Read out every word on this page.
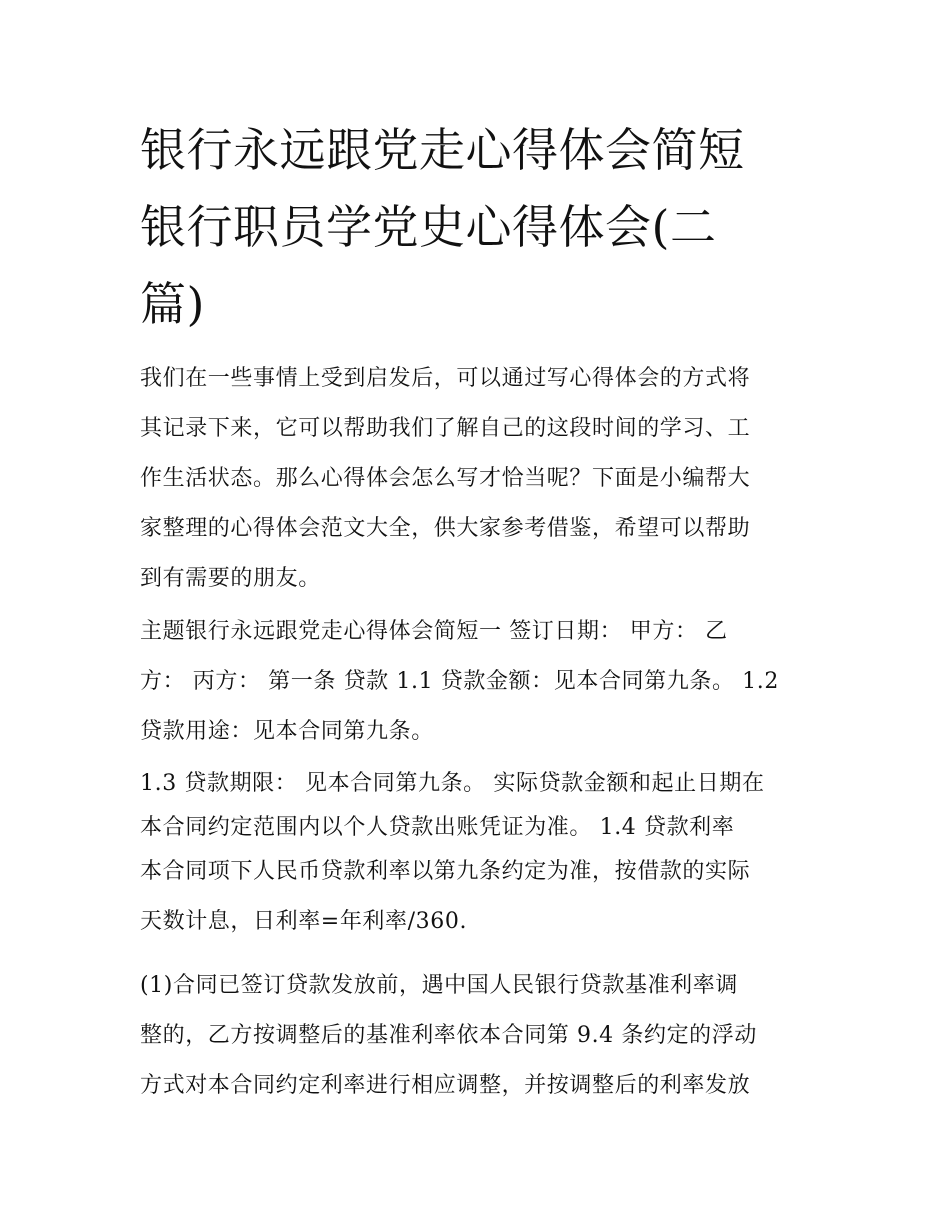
银行永远跟党走心得体会简短
银行职员学党史心得体会(二
篇)
我们在一些事情上受到启发后，可以通过写心得体会的方式将
其记录下来，它可以帮助我们了解自己的这段时间的学习、工
作生活状态。那么心得体会怎么写才恰当呢？下面是小编帮大
家整理的心得体会范文大全，供大家参考借鉴，希望可以帮助
到有需要的朋友。
主题银行永远跟党走心得体会简短一 签订日期： 甲方： 乙
方： 丙方： 第一条 贷款 1.1 贷款金额：见本合同第九条。 1.2
贷款用途：见本合同第九条。
1.3 贷款期限： 见本合同第九条。 实际贷款金额和起止日期在
本合同约定范围内以个人贷款出账凭证为准。 1.4 贷款利率
本合同项下人民币贷款利率以第九条约定为准，按借款的实际
天数计息，日利率=年利率/360.
(1)合同已签订贷款发放前，遇中国人民银行贷款基准利率调
整的，乙方按调整后的基准利率依本合同第 9.4 条约定的浮动
方式对本合同约定利率进行相应调整，并按调整后的利率发放
